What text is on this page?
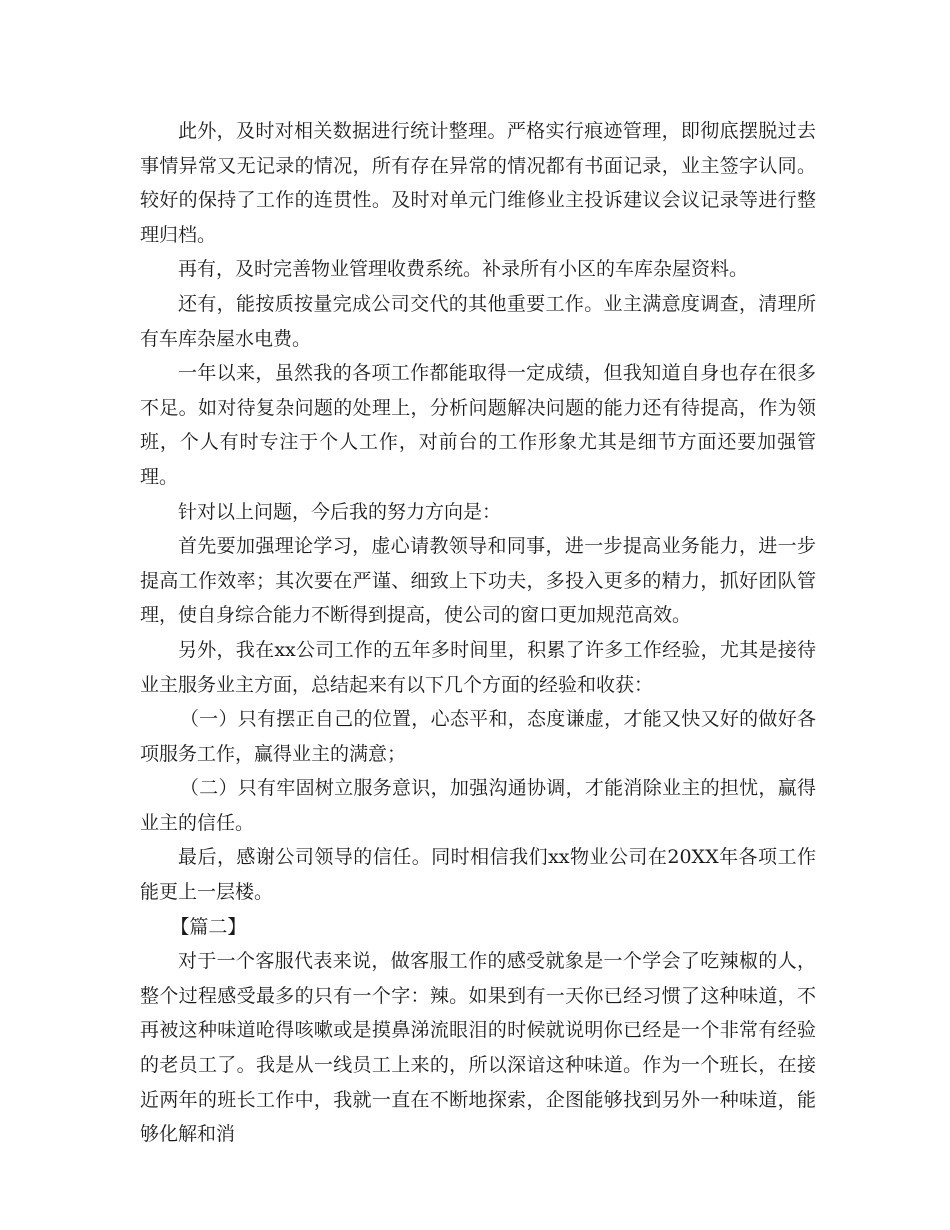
此外，及时对相关数据进行统计整理。严格实行痕迹管理，即彻底摆脱过去事情异常又无记录的情况，所有存在异常的情况都有书面记录，业主签字认同。较好的保持了工作的连贯性。及时对单元门维修业主投诉建议会议记录等进行整理归档。

再有，及时完善物业管理收费系统。补录所有小区的车库杂屋资料。

还有，能按质按量完成公司交代的其他重要工作。业主满意度调查，清理所有车库杂屋水电费。

一年以来，虽然我的各项工作都能取得一定成绩，但我知道自身也存在很多不足。如对待复杂问题的处理上，分析问题解决问题的能力还有待提高，作为领班，个人有时专注于个人工作，对前台的工作形象尤其是细节方面还要加强管理。

针对以上问题，今后我的努力方向是：

首先要加强理论学习，虚心请教领导和同事，进一步提高业务能力，进一步提高工作效率；其次要在严谨、细致上下功夫，多投入更多的精力，抓好团队管理，使自身综合能力不断得到提高，使公司的窗口更加规范高效。

另外，我在xx公司工作的五年多时间里，积累了许多工作经验，尤其是接待业主服务业主方面，总结起来有以下几个方面的经验和收获：

（一）只有摆正自己的位置，心态平和，态度谦虚，才能又快又好的做好各项服务工作，赢得业主的满意；

（二）只有牢固树立服务意识，加强沟通协调，才能消除业主的担忧，赢得业主的信任。

最后，感谢公司领导的信任。同时相信我们xx物业公司在20XX年各项工作能更上一层楼。

【篇二】

对于一个客服代表来说，做客服工作的感受就象是一个学会了吃辣椒的人，整个过程感受最多的只有一个字：辣。如果到有一天你已经习惯了这种味道，不再被这种味道呛得咳嗽或是摸鼻涕流眼泪的时候就说明你已经是一个非常有经验的老员工了。我是从一线员工上来的，所以深谙这种味道。作为一个班长，在接近两年的班长工作中，我就一直在不断地探索，企图能够找到另外一种味道，能够化解和消
